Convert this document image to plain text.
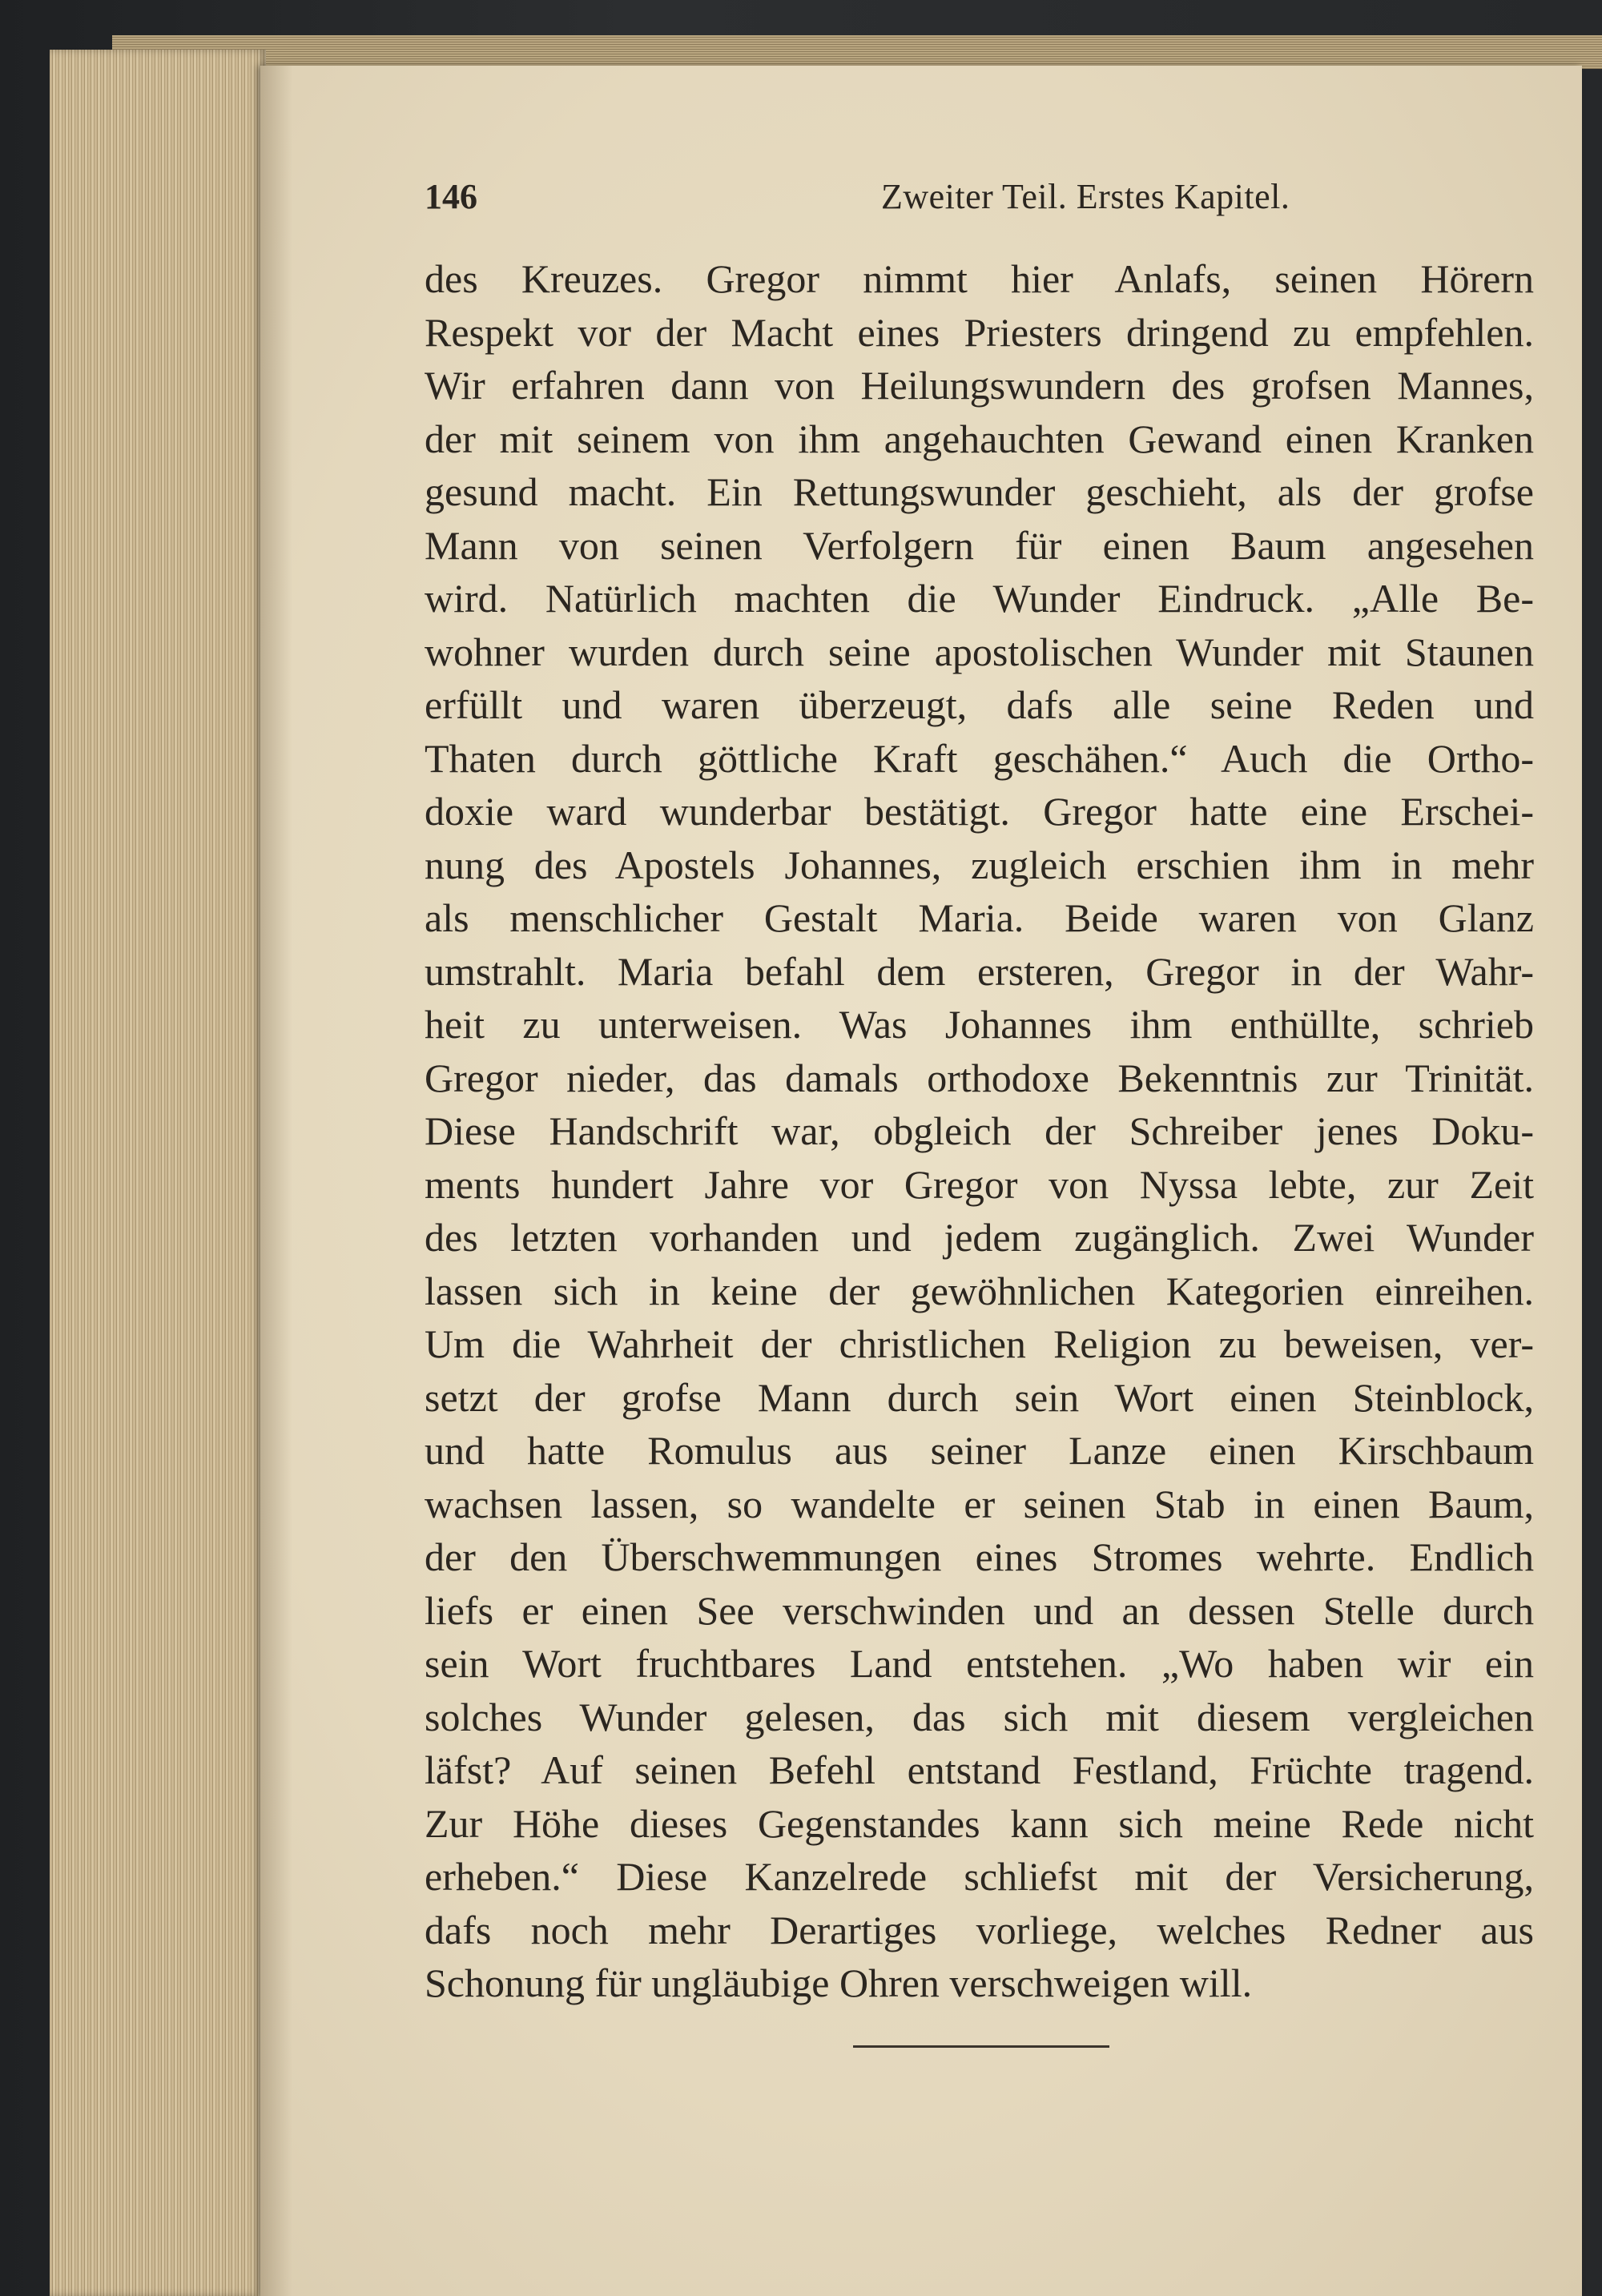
146	Zweiter Teil. Erstes Kapitel.
des Kreuzes. Gregor nimmt hier Anlafs, seinen Hörern
Respekt vor der Macht eines Priesters dringend zu empfehlen.
Wir erfahren dann von Heilungswundern des grofsen Mannes,
der mit seinem von ihm angehauchten Gewand einen Kranken
gesund macht. Ein Rettungswunder geschieht, als der grofse
Mann von seinen Verfolgern für einen Baum angesehen
wird. Natürlich machten die Wunder Eindruck. „Alle Be-
wohner wurden durch seine apostolischen Wunder mit Staunen
erfüllt und waren überzeugt, dafs alle seine Reden und
Thaten durch göttliche Kraft geschähen.“ Auch die Ortho-
doxie ward wunderbar bestätigt. Gregor hatte eine Erschei-
nung des Apostels Johannes, zugleich erschien ihm in mehr
als menschlicher Gestalt Maria. Beide waren von Glanz
umstrahlt. Maria befahl dem ersteren, Gregor in der Wahr-
heit zu unterweisen. Was Johannes ihm enthüllte, schrieb
Gregor nieder, das damals orthodoxe Bekenntnis zur Trinität.
Diese Handschrift war, obgleich der Schreiber jenes Doku-
ments hundert Jahre vor Gregor von Nyssa lebte, zur Zeit
des letzten vorhanden und jedem zugänglich. Zwei Wunder
lassen sich in keine der gewöhnlichen Kategorien einreihen.
Um die Wahrheit der christlichen Religion zu beweisen, ver-
setzt der grofse Mann durch sein Wort einen Steinblock,
und hatte Romulus aus seiner Lanze einen Kirschbaum
wachsen lassen, so wandelte er seinen Stab in einen Baum,
der den Überschwemmungen eines Stromes wehrte. Endlich
liefs er einen See verschwinden und an dessen Stelle durch
sein Wort fruchtbares Land entstehen. „Wo haben wir ein
solches Wunder gelesen, das sich mit diesem vergleichen
läfst? Auf seinen Befehl entstand Festland, Früchte tragend.
Zur Höhe dieses Gegenstandes kann sich meine Rede nicht
erheben.“ Diese Kanzelrede schliefst mit der Versicherung,
dafs noch mehr Derartiges vorliege, welches Redner aus
Schonung für ungläubige Ohren verschweigen will.
